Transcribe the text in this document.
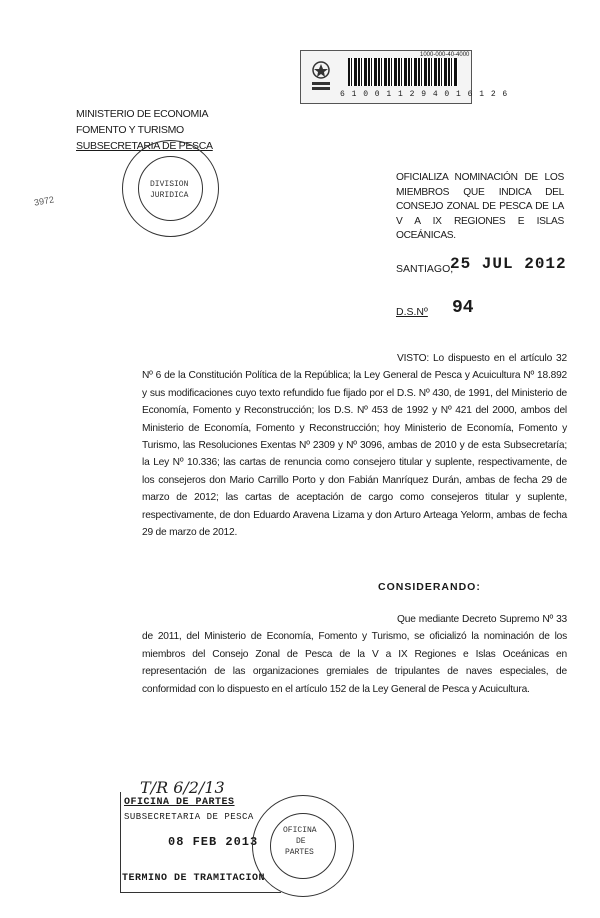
MINISTERIO DE ECONOMIA
FOMENTO Y TURISMO
SUBSECRETARIA DE PESCA
3972
1000-000-40-4000
6 1 0 0 1 1 2 9 4 0 1 6 1 2 6
DIVISION
JURIDICA
OFICIALIZA NOMINACIÓN DE LOS MIEMBROS QUE INDICA DEL CONSEJO ZONAL DE PESCA DE LA V A IX REGIONES E ISLAS OCEÁNICAS.
SANTIAGO,
25 JUL 2012
D.S.Nº 94
VISTO: Lo dispuesto en el artículo 32 Nº 6 de la Constitución Política de la República; la Ley General de Pesca y Acuicultura Nº 18.892 y sus modificaciones cuyo texto refundido fue fijado por el D.S. Nº 430, de 1991, del Ministerio de Economía, Fomento y Reconstrucción; los D.S. Nº 453 de 1992 y Nº 421 del 2000, ambos del Ministerio de Economía, Fomento y Reconstrucción; hoy Ministerio de Economía, Fomento y Turismo, las Resoluciones Exentas Nº 2309 y Nº 3096, ambas de 2010 y de esta Subsecretaría; la Ley Nº 10.336; las cartas de renuncia como consejero titular y suplente, respectivamente, de los consejeros don Mario Carrillo Porto y don Fabián Manríquez Durán, ambas de fecha 29 de marzo de 2012; las cartas de aceptación de cargo como consejeros titular y suplente, respectivamente, de don Eduardo Aravena Lizama y don Arturo Arteaga Yelorm, ambas de fecha 29 de marzo de 2012.
CONSIDERANDO:
Que mediante Decreto Supremo Nº 33 de 2011, del Ministerio de Economía, Fomento y Turismo, se oficializó la nominación de los miembros del Consejo Zonal de Pesca de la V a IX Regiones e Islas Oceánicas en representación de las organizaciones gremiales de tripulantes de naves especiales, de conformidad con lo dispuesto en el artículo 152 de la Ley General de Pesca y Acuicultura.
T/R 6/2/13
OFICINA DE PARTES
SUBSECRETARIA DE PESCA
08 FEB 2013
TERMINO DE TRAMITACION
OFICINA
DE
PARTES
